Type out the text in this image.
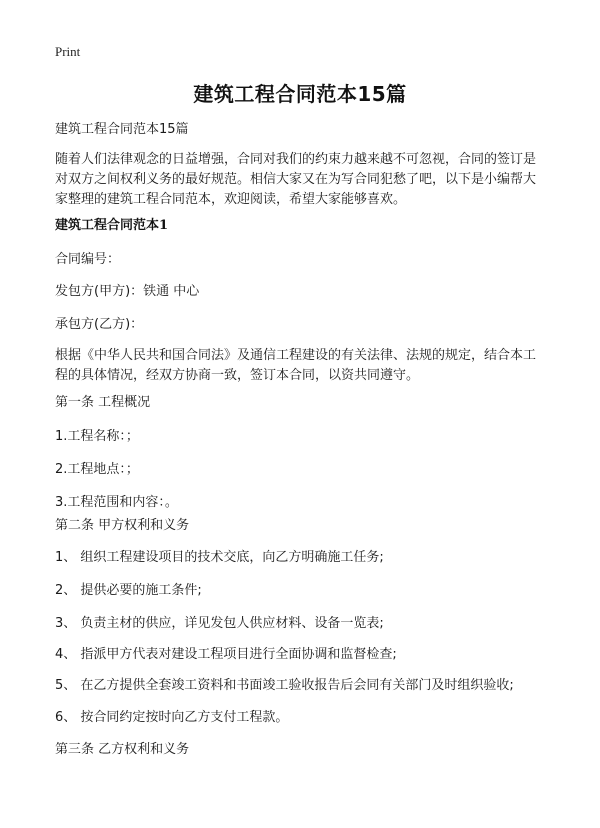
Print
建筑工程合同范本15篇
建筑工程合同范本15篇
随着人们法律观念的日益增强，合同对我们的约束力越来越不可忽视，合同的签订是对双方之间权利义务的最好规范。相信大家又在为写合同犯愁了吧，以下是小编帮大家整理的建筑工程合同范本，欢迎阅读，希望大家能够喜欢。
建筑工程合同范本1
合同编号：
发包方(甲方)：铁通 中心
承包方(乙方)：
根据《中华人民共和国合同法》及通信工程建设的有关法律、法规的规定，结合本工程的具体情况，经双方协商一致，签订本合同，以资共同遵守。
第一条 工程概况
1.工程名称：；
2.工程地点：；
3.工程范围和内容：。
第二条 甲方权利和义务
1、 组织工程建设项目的技术交底，向乙方明确施工任务;
2、 提供必要的施工条件;
3、 负责主材的供应，详见发包人供应材料、设备一览表;
4、 指派甲方代表对建设工程项目进行全面协调和监督检查;
5、 在乙方提供全套竣工资料和书面竣工验收报告后会同有关部门及时组织验收;
6、 按合同约定按时向乙方支付工程款。
第三条 乙方权利和义务
